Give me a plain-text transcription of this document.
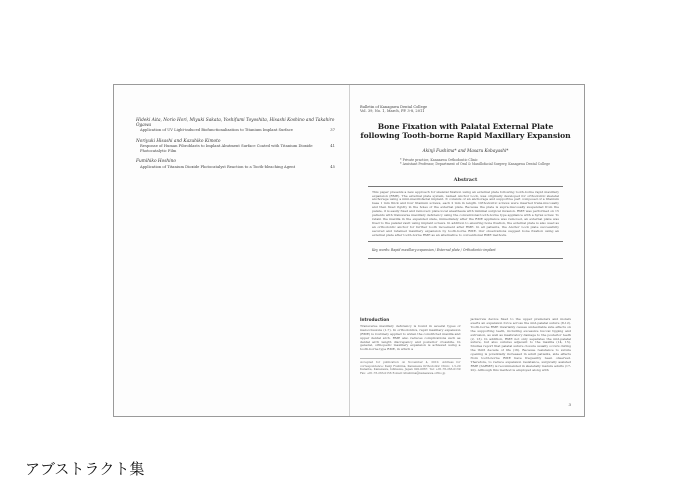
Hideki Aita, Norio Hori, Miyuki Sakata, Yoshifumi Toyoshita, Hisashi Koshino and Takahiro Ogawa
Application of UV Light-induced Biofunctionalization to Titanium Implant Surface	37
Noriyuki Hisashi and Kazuhiko Kimoto
Response of Human Fibroblasts to Implant Abutment Surface Coated with Titanium Dioxide Photocatalytic Film
41
Fumihiko Hoshino
Application of Titanium Dioxide Photocatalyst Reaction to a Tooth-bleaching Agent	45
Bulletin of Kanagawa Dental College
Vol. 39, No. 1, March, PP. 3-8, 2011
Bone Fixation with Palatal External Plate following Tooth-borne Rapid Maxillary Expansion
Akinji Fushima* and Masaru Kobayashi*
* Private practice, Kanazawa Orthodontic Clinic
* Assistant Professor, Department of Oral & Maxillofacial Surgery, Kanagawa Dental College
Abstract
This paper presents a new approach for skeletal fixation using an external plate following tooth-borne rapid maxillary expansion (RME). The external plate system, named Anchor Lock, was originally developed for orthodontic skeletal anchorage using a mini-maxillofacial implant. It consists of an anchorage and supportive part composed of a titanium base 1 mm thick and four titanium screws, each 2 mm in length. Orthodontic screws were inserted trans-mucosally and then fixed rigidly in the holes of the external plate. Because the plate is supra-mucosally suspended from the palate, it is easily fixed and removed; plate local anesthesia with minimal surgical invasion. RME was performed on 15 patients with transverse maxillary deficiency using the conventional tooth-borne type appliance with a hyrax screw. To retain the maxilla in the expanded state, immediately after the RME appliance was removed, an external plate was fixed to the palatal vault using implant screws. In addition to ensuring bone fixation, the external plate is also used as an orthodontic anchor for further tooth movement after RME. In all patients, the Anchor Lock plate successfully secured and retained maxillary expansion by tooth-borne RME. Our observations suggest bone fixation using an external plate after tooth-borne RME as an alternative to conventional RME methods.
Key words: Rapid maxillary expansion / External plate / Orthodontic implant
Introduction
Transverse maxillary deficiency is found in several types of malocclusions (1-7). In orthodontics, rapid maxillary expansion (RME) is routinely applied to widen the constricted maxilla and upper dental arch. RME also reduces complications such as dental arch length discrepancy and posterior crossbite. In general, orthopedic maxillary expansion is achieved using a tooth-borne type RME, in which a
Accepted for publication on November 4, 2010. Address for correspondence: Kenji Fushima, Kanazawa Orthodontic Clinic, 1-5-20 Kanaiba, Kanazawa, Ishikawa, Japan 920-0867. Tel: +81-76-263-0139 Fax: +81-76-263-0156 E-mail: kfushima@kanazawa-ortho.jp
jackscrew device fixed to the upper premolars and molars exerts an expansion force across the mid-palatal suture (8-12). Tooth-borne RME invariably causes undesirable side effects on the supporting teeth, including excessive buccal tipping and extrusion, as well as masticatory damage to the posterior teeth (2, 13). In addition, RME not only separates the mid-palatal suture, but also sutures adjacent to the maxilla (14, 15). Studies report that palatal suture closure usually occurs during the third decade of life (16). Because resistance to suture opening is potentially increased in adult patients, side effects from tooth-borne RME have frequently been observed. Therefore, to reduce expansion resistance, surgically assisted RME (SARME) is recommended in skeletally mature adults (17-20). Although this method is employed along with
3
アブストラクト集
